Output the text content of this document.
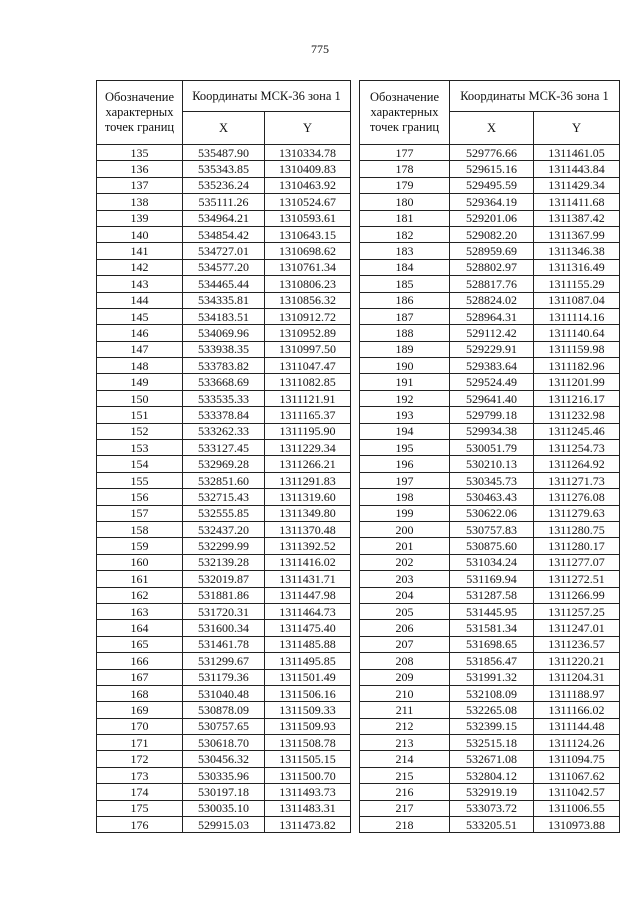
775
Обозначение характерных точек границ	Координаты МСК-36 зона 1	
	X	Y
135	535487.90	1310334.78
136	535343.85	1310409.83
137	535236.24	1310463.92
138	535111.26	1310524.67
139	534964.21	1310593.61
140	534854.42	1310643.15
141	534727.01	1310698.62
142	534577.20	1310761.34
143	534465.44	1310806.23
144	534335.81	1310856.32
145	534183.51	1310912.72
146	534069.96	1310952.89
147	533938.35	1310997.50
148	533783.82	1311047.47
149	533668.69	1311082.85
150	533535.33	1311121.91
151	533378.84	1311165.37
152	533262.33	1311195.90
153	533127.45	1311229.34
154	532969.28	1311266.21
155	532851.60	1311291.83
156	532715.43	1311319.60
157	532555.85	1311349.80
158	532437.20	1311370.48
159	532299.99	1311392.52
160	532139.28	1311416.02
161	532019.87	1311431.71
162	531881.86	1311447.98
163	531720.31	1311464.73
164	531600.34	1311475.40
165	531461.78	1311485.88
166	531299.67	1311495.85
167	531179.36	1311501.49
168	531040.48	1311506.16
169	530878.09	1311509.33
170	530757.65	1311509.93
171	530618.70	1311508.78
172	530456.32	1311505.15
173	530335.96	1311500.70
174	530197.18	1311493.73
175	530035.10	1311483.31
176	529915.03	1311473.82
Обозначение характерных точек границ	Координаты МСК-36 зона 1	
	X	Y
177	529776.66	1311461.05
178	529615.16	1311443.84
179	529495.59	1311429.34
180	529364.19	1311411.68
181	529201.06	1311387.42
182	529082.20	1311367.99
183	528959.69	1311346.38
184	528802.97	1311316.49
185	528817.76	1311155.29
186	528824.02	1311087.04
187	528964.31	1311114.16
188	529112.42	1311140.64
189	529229.91	1311159.98
190	529383.64	1311182.96
191	529524.49	1311201.99
192	529641.40	1311216.17
193	529799.18	1311232.98
194	529934.38	1311245.46
195	530051.79	1311254.73
196	530210.13	1311264.92
197	530345.73	1311271.73
198	530463.43	1311276.08
199	530622.06	1311279.63
200	530757.83	1311280.75
201	530875.60	1311280.17
202	531034.24	1311277.07
203	531169.94	1311272.51
204	531287.58	1311266.99
205	531445.95	1311257.25
206	531581.34	1311247.01
207	531698.65	1311236.57
208	531856.47	1311220.21
209	531991.32	1311204.31
210	532108.09	1311188.97
211	532265.08	1311166.02
212	532399.15	1311144.48
213	532515.18	1311124.26
214	532671.08	1311094.75
215	532804.12	1311067.62
216	532919.19	1311042.57
217	533073.72	1311006.55
218	533205.51	1310973.88
